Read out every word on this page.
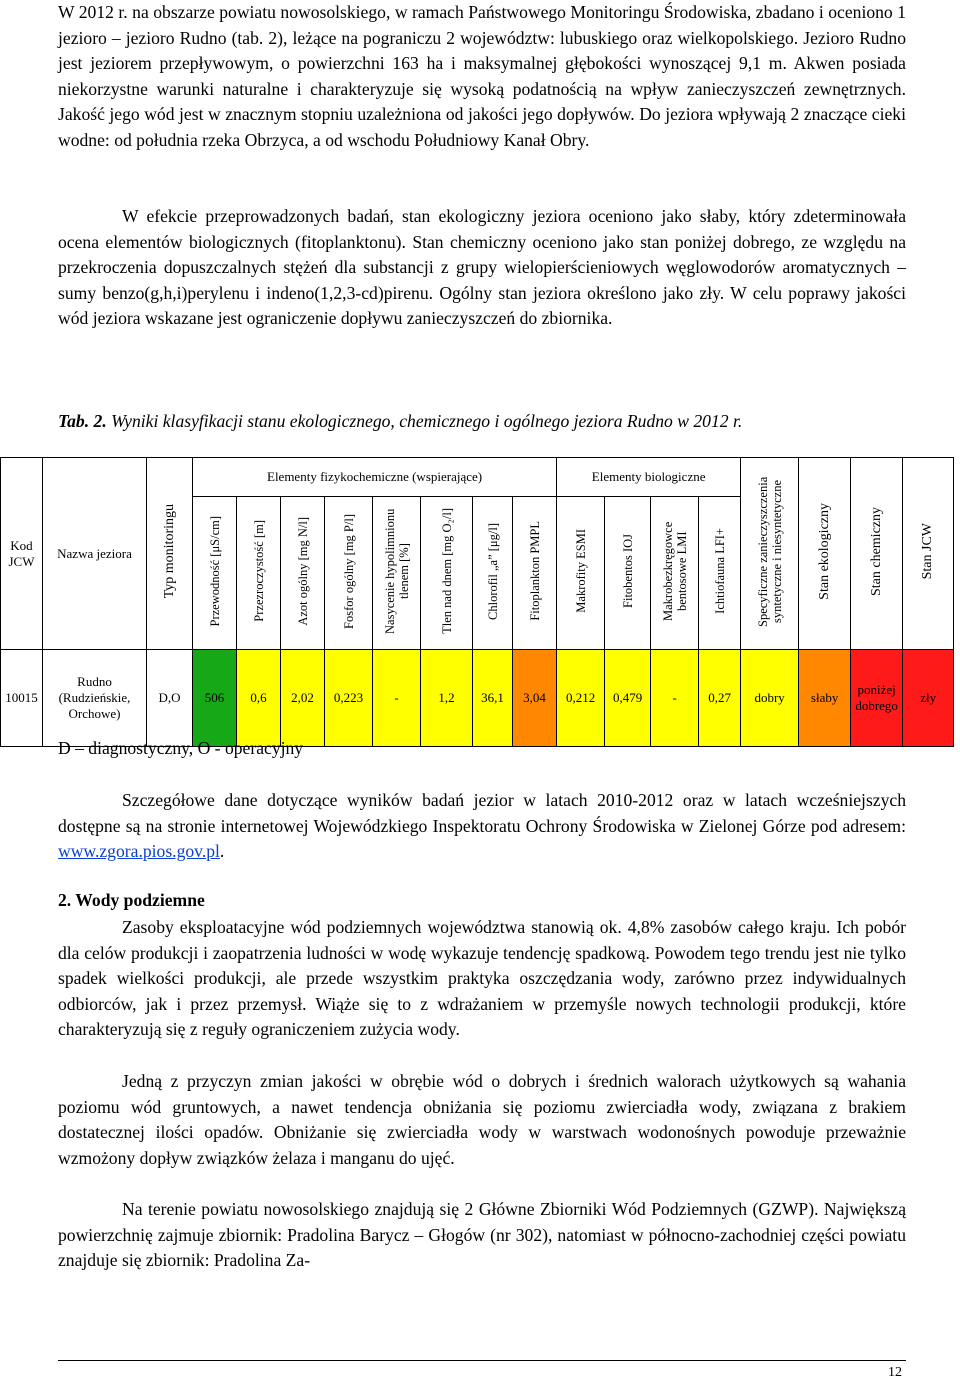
W 2012 r. na obszarze powiatu nowosolskiego, w ramach Państwowego Monitoringu Środowiska, zbadano i oceniono 1 jezioro – jezioro Rudno (tab. 2), leżące na pograniczu 2 województw: lubuskiego oraz wielkopolskiego. Jezioro Rudno jest jeziorem przepływowym, o powierzchni 163 ha i maksymalnej głębokości wynoszącej 9,1 m. Akwen posiada niekorzystne warunki naturalne i charakteryzuje się wysoką podatnością na wpływ zanieczyszczeń zewnętrznych. Jakość jego wód jest w znacznym stopniu uzależniona od jakości jego dopływów. Do jeziora wpływają 2 znaczące cieki wodne: od południa rzeka Obrzyca, a od wschodu Południowy Kanał Obry.

W efekcie przeprowadzonych badań, stan ekologiczny jeziora oceniono jako słaby, który zdeterminowała ocena elementów biologicznych (fitoplanktonu). Stan chemiczny oceniono jako stan poniżej dobrego, ze względu na przekroczenia dopuszczalnych stężeń dla substancji z grupy wielopierścieniowych węglowodorów aromatycznych – sumy benzo(g,h,i)perylenu i indeno(1,2,3-cd)pirenu. Ogólny stan jeziora określono jako zły. W celu poprawy jakości wód jeziora wskazane jest ograniczenie dopływu zanieczyszczeń do zbiornika.

Tab. 2. Wyniki klasyfikacji stanu ekologicznego, chemicznego i ogólnego jeziora Rudno w 2012 r.
Kod JCW	Nazwa jeziora	Typ monitoringu	Elementy fizykochemiczne (wspierające)								Elementy biologiczne				Specyficzne zanieczyszczenia syntetyczne i niesyntetyczne	Stan ekologiczny	Stan chemiczny	Stan JCW
			Przewodność [μS/cm]	Przezroczystość [m]	Azot ogólny [mg N/l]	Fosfor ogólny [mg P/l]	Nasycenie hypolimnionu tlenem [%]	Tlen nad dnem [mg O₂/l]	Chlorofil „a” [μg/l]	Fitoplankton PMPL	Makrofity ESMI	Fitobentos IOJ	Makrobezkręgowce bentosowe LMI	Ichtiofauna LFI+				
10015	Rudno (Rudzieńskie, Orchowe)	D,O	506	0,6	2,02	0,223	-	1,2	36,1	3,04	0,212	0,479	-	0,27	dobry	słaby	poniżej dobrego	zły
D – diagnostyczny, O - operacyjny

Szczegółowe dane dotyczące wyników badań jezior w latach 2010-2012 oraz w latach wcześniejszych dostępne są na stronie internetowej Wojewódzkiego Inspektoratu Ochrony Środowiska w Zielonej Górze pod adresem: www.zgora.pios.gov.pl.

2. Wody podziemne

Zasoby eksploatacyjne wód podziemnych województwa stanowią ok. 4,8% zasobów całego kraju. Ich pobór dla celów produkcji i zaopatrzenia ludności w wodę wykazuje tendencję spadkową. Powodem tego trendu jest nie tylko spadek wielkości produkcji, ale przede wszystkim praktyka oszczędzania wody, zarówno przez indywidualnych odbiorców, jak i przez przemysł. Wiąże się to z wdrażaniem w przemyśle nowych technologii produkcji, które charakteryzują się z reguły ograniczeniem zużycia wody.

Jedną z przyczyn zmian jakości w obrębie wód o dobrych i średnich walorach użytkowych są wahania poziomu wód gruntowych, a nawet tendencja obniżania się poziomu zwierciadła wody, związana z brakiem dostatecznej ilości opadów. Obniżanie się zwierciadła wody w warstwach wodonośnych powoduje przeważnie wzmożony dopływ związków żelaza i manganu do ujęć.

Na terenie powiatu nowosolskiego znajdują się 2 Główne Zbiorniki Wód Podziemnych (GZWP). Największą powierzchnię zajmuje zbiornik: Pradolina Barycz – Głogów (nr 302), natomiast w północno-zachodniej części powiatu znajduje się zbiornik: Pradolina Za-

12
